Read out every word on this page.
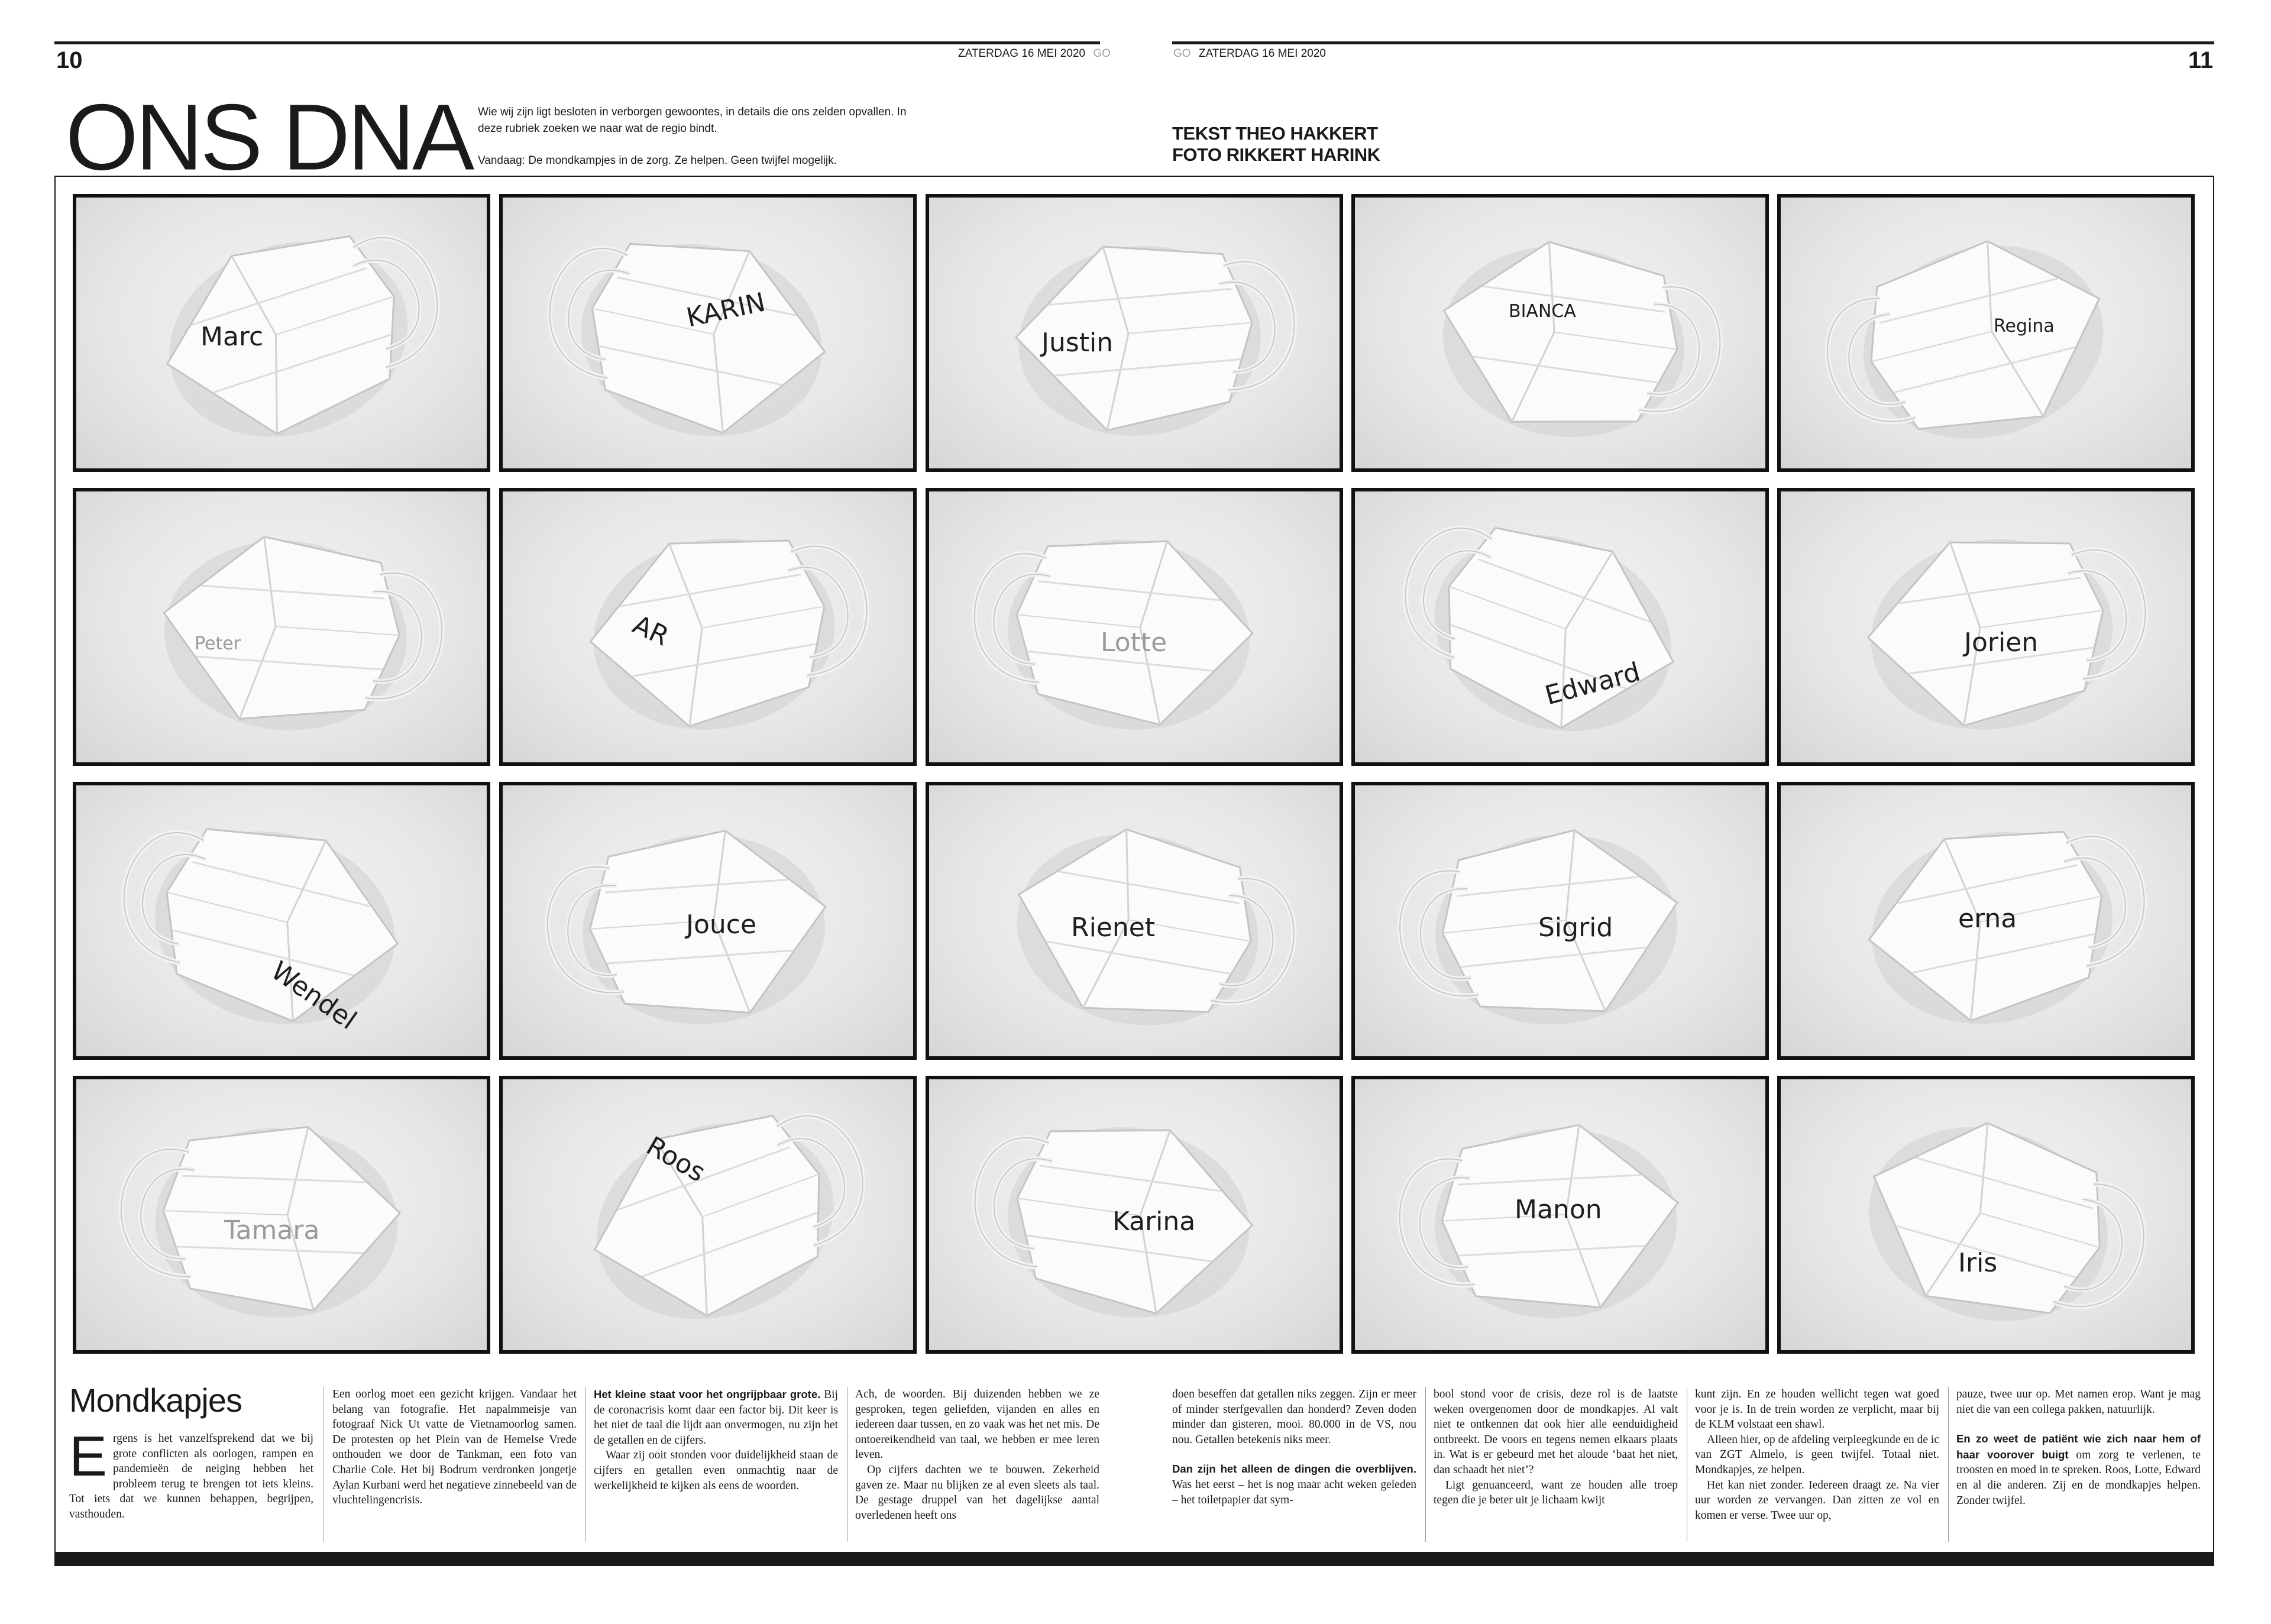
10	11
ZATERDAG 16 MEI 2020 GO	GO ZATERDAG 16 MEI 2020
ONS DNA Wie wij zijn ligt besloten in verborgen gewoontes, in details die ons zelden opvallen. In deze rubriek zoeken we naar wat de regio bindt.

Vandaag: De mondkampjes in de zorg. Ze helpen. Geen twijfel mogelijk.

TEKST THEO HAKKERT
FOTO RIKKERT HARINK
Marc
KARIN
Justin
BIANCA
Regina
Peter	AR	Lotte
Edward
Jorien
Wendel
Jouce	Rienet	Sigrid	erna
Tamara
Roos
Karina	Manon
Iris
Mondkapjes

Ergens is het vanzelfsprekend dat we bij grote conflicten als oorlogen, rampen en pandemieën de neiging hebben het probleem terug te brengen tot iets kleins. Tot iets dat we kunnen behappen, begrijpen, vasthouden.

Een oorlog moet een gezicht krijgen. Vandaar het belang van fotografie. Het napalmmeisje van fotograaf Nick Ut vatte de Vietnamoorlog samen. De protesten op het Plein van de Hemelse Vrede onthouden we door de Tankman, een foto van Charlie Cole. Het bij Bodrum verdronken jongetje Aylan Kurbani werd het negatieve zinnebeeld van de vluchtelingencrisis.

Het kleine staat voor het ongrijpbaar grote. Bij de coronacrisis komt daar een factor bij. Dit keer is het niet de taal die lijdt aan onvermogen, nu zijn het de getallen en de cijfers.

Waar zij ooit stonden voor duidelijkheid staan de cijfers en getallen even onmachtig naar de werkelijkheid te kijken als eens de woorden.

Ach, de woorden. Bij duizenden hebben we ze gesproken, tegen geliefden, vijanden en alles en iedereen daar tussen, en zo vaak was het net mis. De ontoereikendheid van taal, we hebben er mee leren leven.

Op cijfers dachten we te bouwen. Zekerheid gaven ze. Maar nu blijken ze al even sleets als taal. De gestage druppel van het dagelijkse aantal overledenen heeft ons

doen beseffen dat getallen niks zeggen. Zijn er meer of minder sterfgevallen dan honderd? Zeven doden minder dan gisteren, mooi. 80.000 in de VS, nou nou. Getallen betekenis niks meer.

Dan zijn het alleen de dingen die overblijven. Was het eerst – het is nog maar acht weken geleden – het toiletpapier dat sym-

bool stond voor de crisis, deze rol is de laatste weken overgenomen door de mondkapjes. Al valt niet te ontkennen dat ook hier alle eenduidigheid ontbreekt. De voors en tegens nemen elkaars plaats in. Wat is er gebeurd met het aloude ‘baat het niet, dan schaadt het niet’?

Ligt genuanceerd, want ze houden alle troep tegen die je beter uit je lichaam kwijt

kunt zijn. En ze houden wellicht tegen wat goed voor je is. In de trein worden ze verplicht, maar bij de KLM volstaat een shawl.

Alleen hier, op de afdeling verpleegkunde en de ic van ZGT Almelo, is geen twijfel. Totaal niet. Mondkapjes, ze helpen.

Het kan niet zonder. Iedereen draagt ze. Na vier uur worden ze vervangen. Dan zitten ze vol en komen er verse. Twee uur op,

pauze, twee uur op. Met namen erop. Want je mag niet die van een collega pakken, natuurlijk.

En zo weet de patiënt wie zich naar hem of haar voorover buigt om zorg te verlenen, te troosten en moed in te spreken. Roos, Lotte, Edward en al die anderen. Zij en de mondkapjes helpen. Zonder twijfel.
